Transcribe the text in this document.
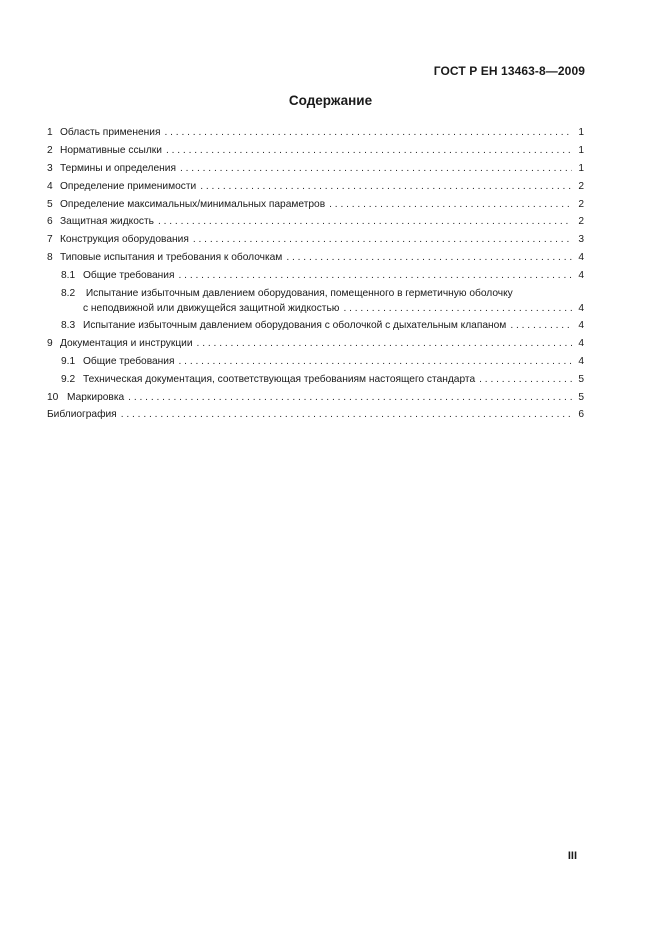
ГОСТ Р ЕН 13463-8—2009
Содержание
1 Область применения . . .	1
2 Нормативные ссылки . . .	1
3 Термины и определения . . .	1
4 Определение применимости . . .	2
5 Определение максимальных/минимальных параметров . . .	2
6 Защитная жидкость . . .	2
7 Конструкция оборудования . . .	3
8 Типовые испытания и требования к оболочкам . . .	4
8.1 Общие требования . . .	4
8.2 Испытание избыточным давлением оборудования, помещенного в герметичную оболочку
с неподвижной или движущейся защитной жидкостью . . .	4
8.3 Испытание избыточным давлением оборудования с оболочкой с дыхательным клапаном . . .	4
9 Документация и инструкции . . .	4
9.1 Общие требования . . .	4
9.2 Техническая документация, соответствующая требованиям настоящего стандарта . . .	5
10 Маркировка . . .	5
Библиография . . .	6
III
